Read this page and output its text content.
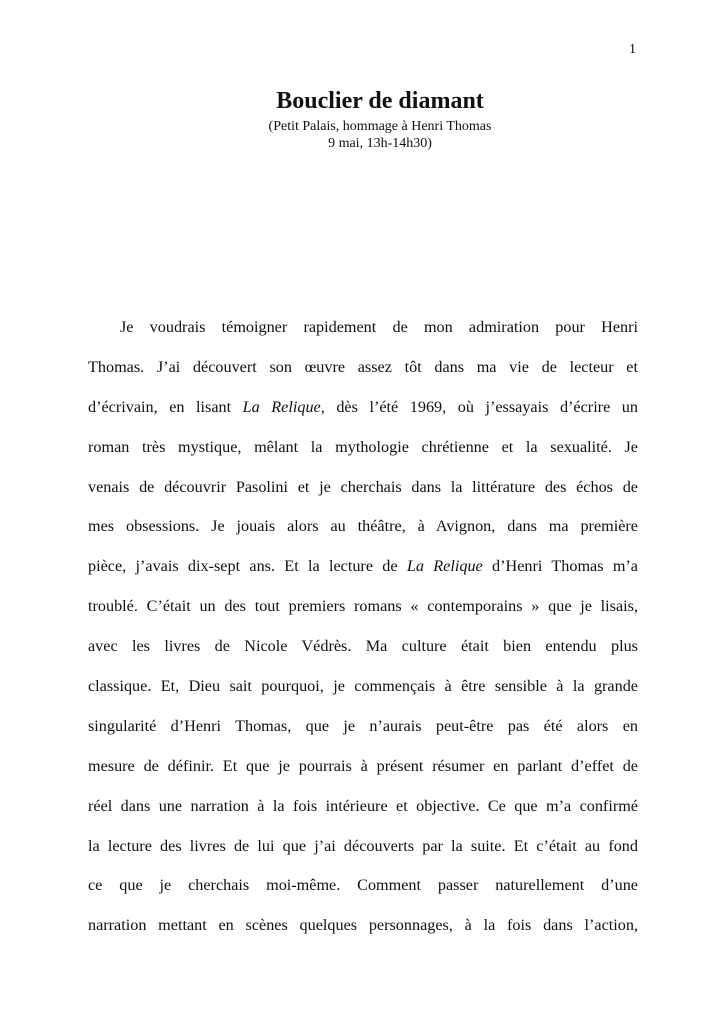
1
Bouclier de diamant

(Petit Palais, hommage à Henri Thomas

9 mai, 13h-14h30)

Je voudrais témoigner rapidement de mon admiration pour Henri
Thomas. J’ai découvert son œuvre assez tôt dans ma vie de lecteur et
d’écrivain, en lisant La Relique, dès l’été 1969, où j’essayais d’écrire un
roman très mystique, mêlant la mythologie chrétienne et la sexualité. Je
venais de découvrir Pasolini et je cherchais dans la littérature des échos de
mes obsessions. Je jouais alors au théâtre, à Avignon, dans ma première
pièce, j’avais dix-sept ans. Et la lecture de La Relique d’Henri Thomas m’a
troublé. C’était un des tout premiers romans « contemporains » que je lisais,
avec les livres de Nicole Védrès. Ma culture était bien entendu plus
classique. Et, Dieu sait pourquoi, je commençais à être sensible à la grande
singularité d’Henri Thomas, que je n’aurais peut-être pas été alors en
mesure de définir. Et que je pourrais à présent résumer en parlant d’effet de
réel dans une narration à la fois intérieure et objective. Ce que m’a confirmé
la lecture des livres de lui que j’ai découverts par la suite. Et c’était au fond
ce que je cherchais moi-même. Comment passer naturellement d’une
narration mettant en scènes quelques personnages, à la fois dans l’action,
